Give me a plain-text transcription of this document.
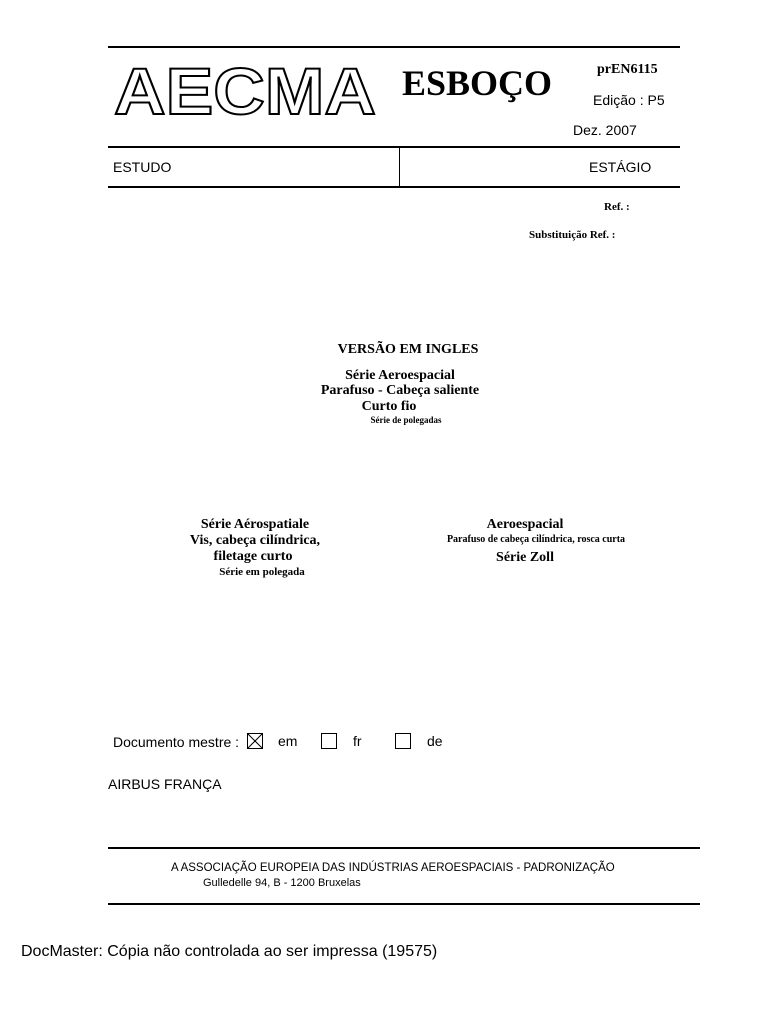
AECMA ESBOÇO	prEN6115
Edição : P5
Dez. 2007
ESTUDO	ESTÁGIO
Ref. :
Substituição Ref. :
VERSÃO EM INGLES
Série Aeroespacial
Parafuso - Cabeça saliente
Curto fio
Série de polegadas
Série Aérospatiale
Vis, cabeça cilíndrica,
filetage curto
Série em polegada
Aeroespacial
Parafuso de cabeça cilíndrica, rosca curta
Série Zoll
Documento mestre :	em	fr	de
AIRBUS FRANÇA
A ASSOCIAÇÃO EUROPEIA DAS INDÚSTRIAS AEROESPACIAIS - PADRONIZAÇÃO
Gulledelle 94, B - 1200 Bruxelas
DocMaster: Cópia não controlada ao ser impressa (19575)
